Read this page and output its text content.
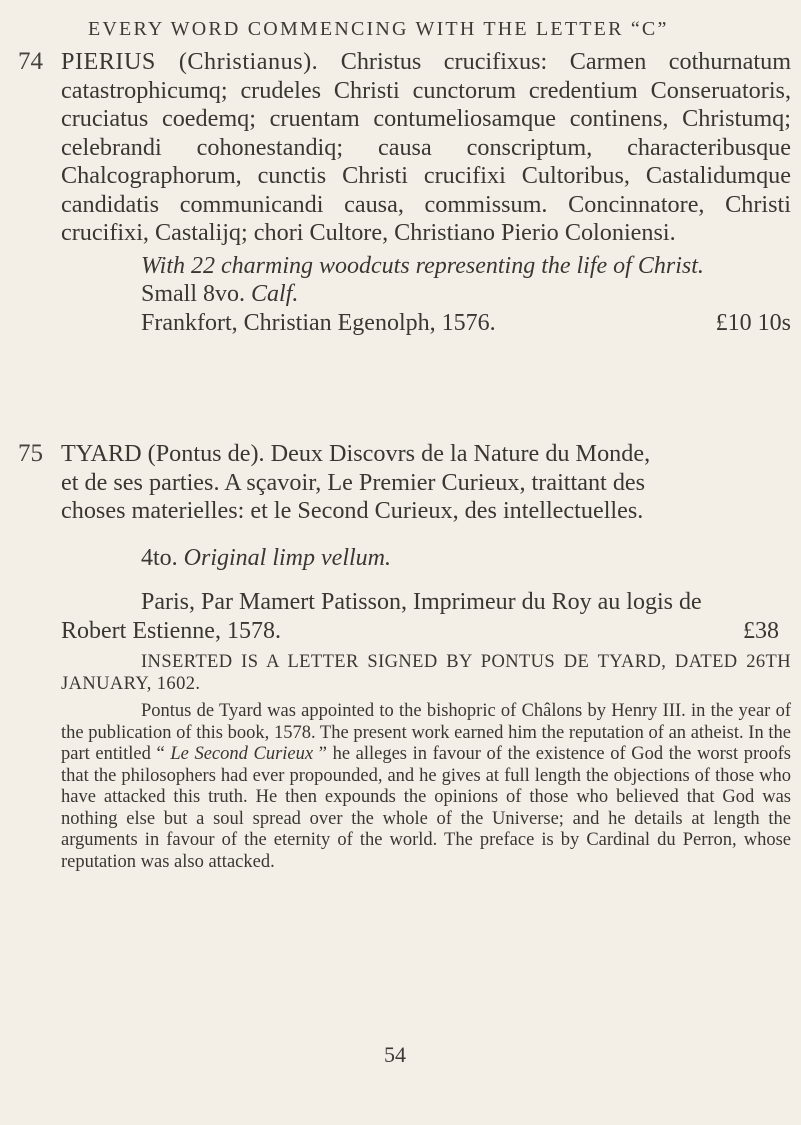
EVERY WORD COMMENCING WITH THE LETTER “C”
74 PIERIUS (Christianus). Christus crucifixus: Carmen cothurnatum catastrophicumq; crudeles Christi cunctorum credentium Conseruatoris, cruciatus coedemq; cruentam contumeliosamque continens, Christumq; celebrandi cohonestandiq; causa conscriptum, characteribusque Chalcographorum, cunctis Christi crucifixi Cultoribus, Castalidumque candidatis communicandi causa, commissum. Concinnatore, Christi crucifixi, Castalijq; chori Cultore, Christiano Pierio Coloniensi.

With 22 charming woodcuts representing the life of Christ.

Small 8vo. Calf.

Frankfort, Christian Egenolph, 1576.	£10 10s

75 TYARD (Pontus de). Deux Discovrs de la Nature du Monde,

et de ses parties. A sçavoir, Le Premier Curieux, traittant des

choses materielles: et le Second Curieux, des intellectuelles.

4to. Original limp vellum.

Paris, Par Mamert Patisson, Imprimeur du Roy au logis de

Robert Estienne, 1578.	£38

INSERTED IS A LETTER SIGNED BY PONTUS DE TYARD, DATED 26TH JANUARY, 1602.

Pontus de Tyard was appointed to the bishopric of Châlons by Henry III. in the year of the publication of this book, 1578. The present work earned him the reputation of an atheist. In the part entitled “ Le Second Curieux ” he alleges in favour of the existence of God the worst proofs that the philosophers had ever propounded, and he gives at full length the objections of those who have attacked this truth. He then expounds the opinions of those who believed that God was nothing else but a soul spread over the whole of the Universe; and he details at length the arguments in favour of the eternity of the world. The preface is by Cardinal du Perron, whose reputation was also attacked.

54
